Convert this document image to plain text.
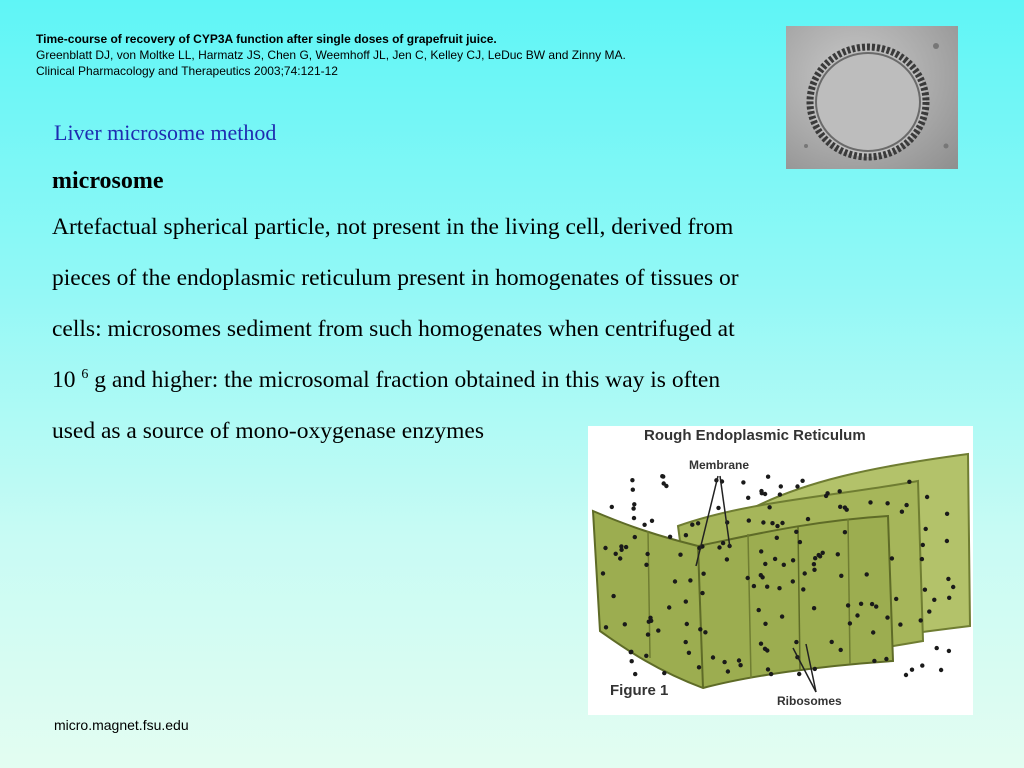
Time-course of recovery of CYP3A function after single doses of grapefruit juice.
Greenblatt DJ, von Moltke LL, Harmatz JS, Chen G, Weemhoff JL, Jen C, Kelley CJ, LeDuc BW and Zinny MA.
Clinical Pharmacology and Therapeutics 2003;74:121-12
Liver microsome method
microsome
Artefactual spherical particle, not present in the living cell, derived from
pieces of the endoplasmic reticulum present in homogenates of tissues or
cells: microsomes sediment from such homogenates when centrifuged at
10 $^6$ g and higher: the microsomal fraction obtained in this way is often
used as a source of mono-oxygenase enzymes	Rough Endoplasmic Reticulum
Membrane
Figure 1
Ribosomes
micro.magnet.fsu.edu
